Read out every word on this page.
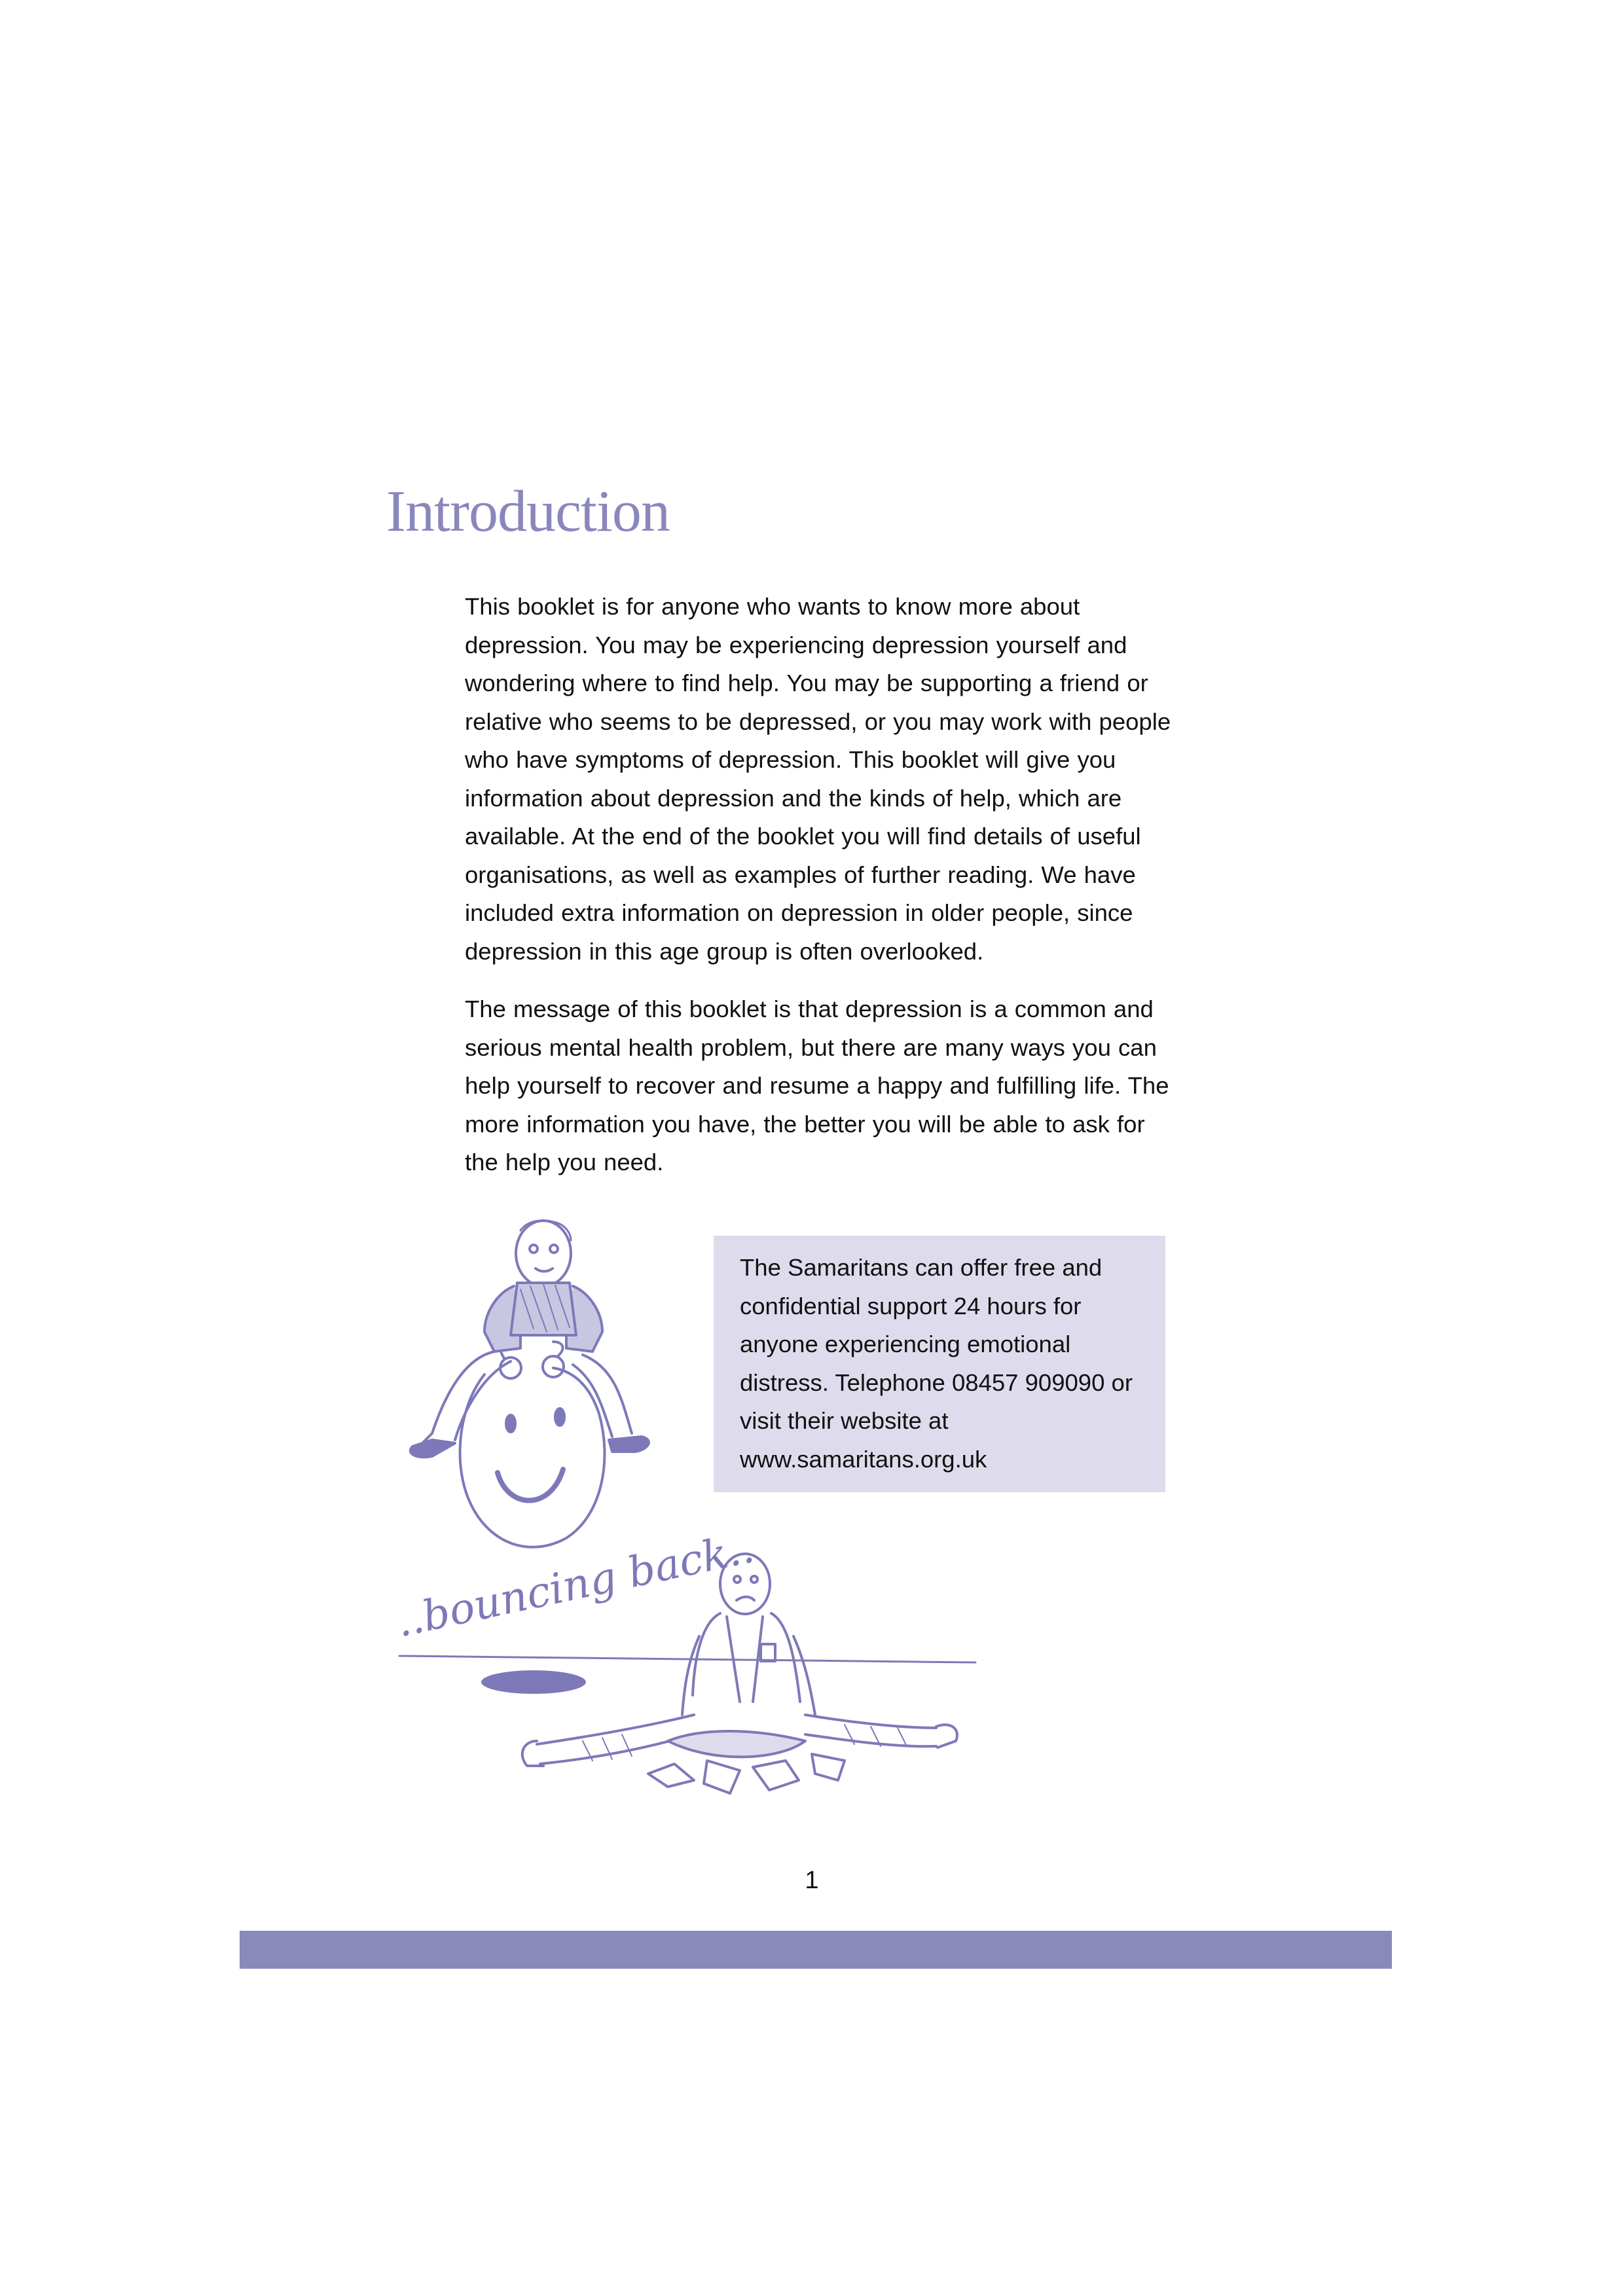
Introduction

This booklet is for anyone who wants to know more about depression. You may be experiencing depression yourself and wondering where to find help. You may be supporting a friend or relative who seems to be depressed, or you may work with people who have symptoms of depression. This booklet will give you information about depression and the kinds of help, which are available. At the end of the booklet you will find details of useful organisations, as well as examples of further reading. We have included extra information on depression in older people, since depression in this age group is often overlooked.

The message of this booklet is that depression is a common and serious mental health problem, but there are many ways you can help yourself to recover and resume a happy and fulfilling life. The more information you have, the better you will be able to ask for the help you need.

..bouncing back..

The Samaritans can offer free and confidential support 24 hours for anyone experiencing emotional distress. Telephone 08457 909090 or visit their website at www.samaritans.org.uk

1
